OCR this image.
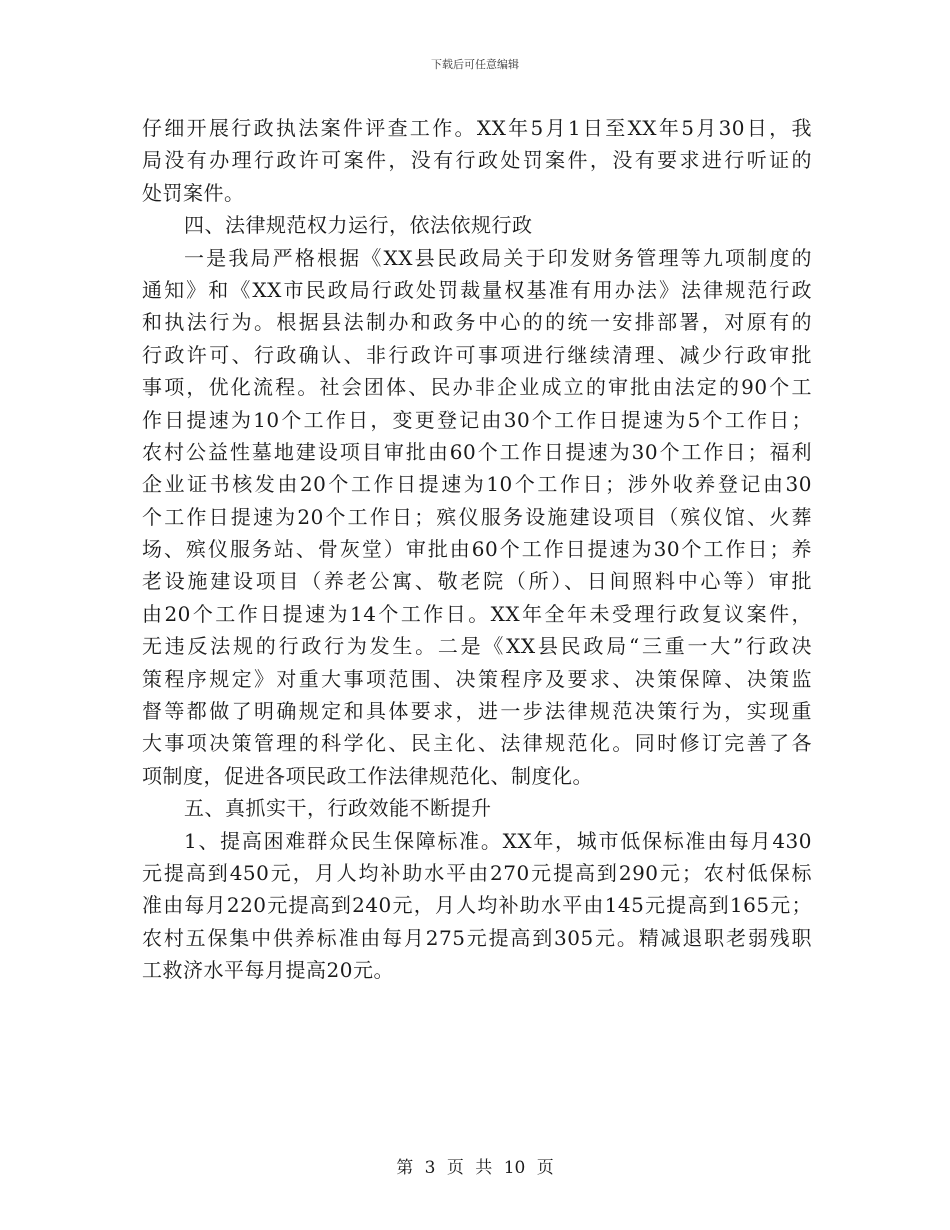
下载后可任意编辑
仔细开展行政执法案件评查工作。XX年5月1日至XX年5月30日，我
局没有办理行政许可案件，没有行政处罚案件，没有要求进行听证的
处罚案件。
四、法律规范权力运行，依法依规行政
一是我局严格根据《XX县民政局关于印发财务管理等九项制度的
通知》和《XX市民政局行政处罚裁量权基准有用办法》法律规范行政
和执法行为。根据县法制办和政务中心的的统一安排部署，对原有的
行政许可、行政确认、非行政许可事项进行继续清理、减少行政审批
事项，优化流程。社会团体、民办非企业成立的审批由法定的90个工
作日提速为10个工作日，变更登记由30个工作日提速为5个工作日；
农村公益性墓地建设项目审批由60个工作日提速为30个工作日；福利
企业证书核发由20个工作日提速为10个工作日；涉外收养登记由30
个工作日提速为20个工作日；殡仪服务设施建设项目（殡仪馆、火葬
场、殡仪服务站、骨灰堂）审批由60个工作日提速为30个工作日；养
老设施建设项目（养老公寓、敬老院（所）、日间照料中心等）审批
由20个工作日提速为14个工作日。XX年全年未受理行政复议案件，
无违反法规的行政行为发生。二是《XX县民政局“三重一大”行政决
策程序规定》对重大事项范围、决策程序及要求、决策保障、决策监
督等都做了明确规定和具体要求，进一步法律规范决策行为，实现重
大事项决策管理的科学化、民主化、法律规范化。同时修订完善了各
项制度，促进各项民政工作法律规范化、制度化。
五、真抓实干，行政效能不断提升
1、提高困难群众民生保障标准。XX年，城市低保标准由每月430
元提高到450元，月人均补助水平由270元提高到290元；农村低保标
准由每月220元提高到240元，月人均补助水平由145元提高到165元；
农村五保集中供养标准由每月275元提高到305元。精减退职老弱残职
工救济水平每月提高20元。
第 3 页 共 10 页
